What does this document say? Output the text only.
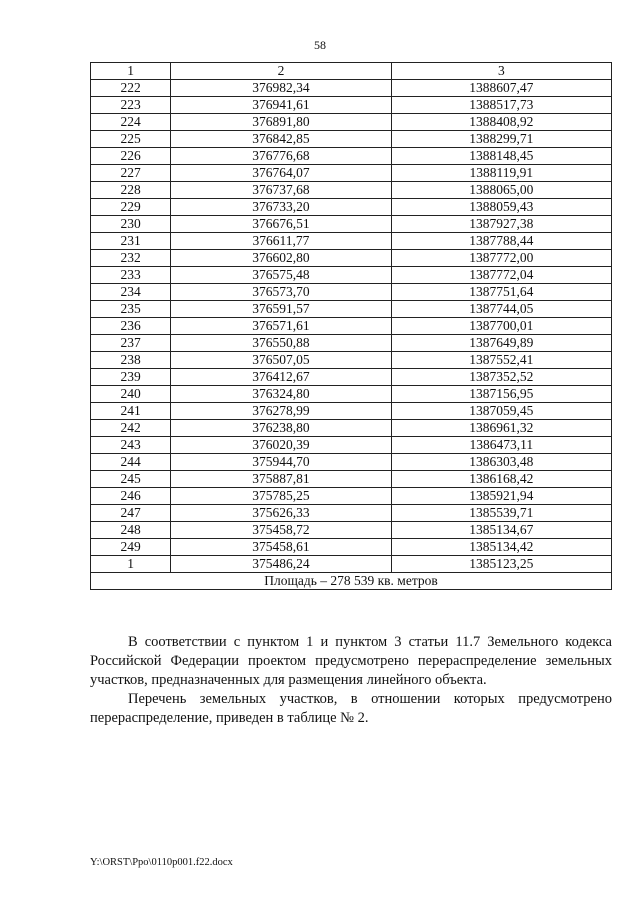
58
1	2	3
222	376982,34	1388607,47
223	376941,61	1388517,73
224	376891,80	1388408,92
225	376842,85	1388299,71
226	376776,68	1388148,45
227	376764,07	1388119,91
228	376737,68	1388065,00
229	376733,20	1388059,43
230	376676,51	1387927,38
231	376611,77	1387788,44
232	376602,80	1387772,00
233	376575,48	1387772,04
234	376573,70	1387751,64
235	376591,57	1387744,05
236	376571,61	1387700,01
237	376550,88	1387649,89
238	376507,05	1387552,41
239	376412,67	1387352,52
240	376324,80	1387156,95
241	376278,99	1387059,45
242	376238,80	1386961,32
243	376020,39	1386473,11
244	375944,70	1386303,48
245	375887,81	1386168,42
246	375785,25	1385921,94
247	375626,33	1385539,71
248	375458,72	1385134,67
249	375458,61	1385134,42
1	375486,24	1385123,25
Площадь – 278 539 кв. метров		

В соответствии с пунктом 1 и пунктом 3 статьи 11.7 Земельного кодекса Российской Федерации проектом предусмотрено перераспределение земельных участков, предназначенных для размещения линейного объекта.

Перечень земельных участков, в отношении которых предусмотрено перераспределение, приведен в таблице № 2.

Y:\ORST\Ppo\0110p001.f22.docx
